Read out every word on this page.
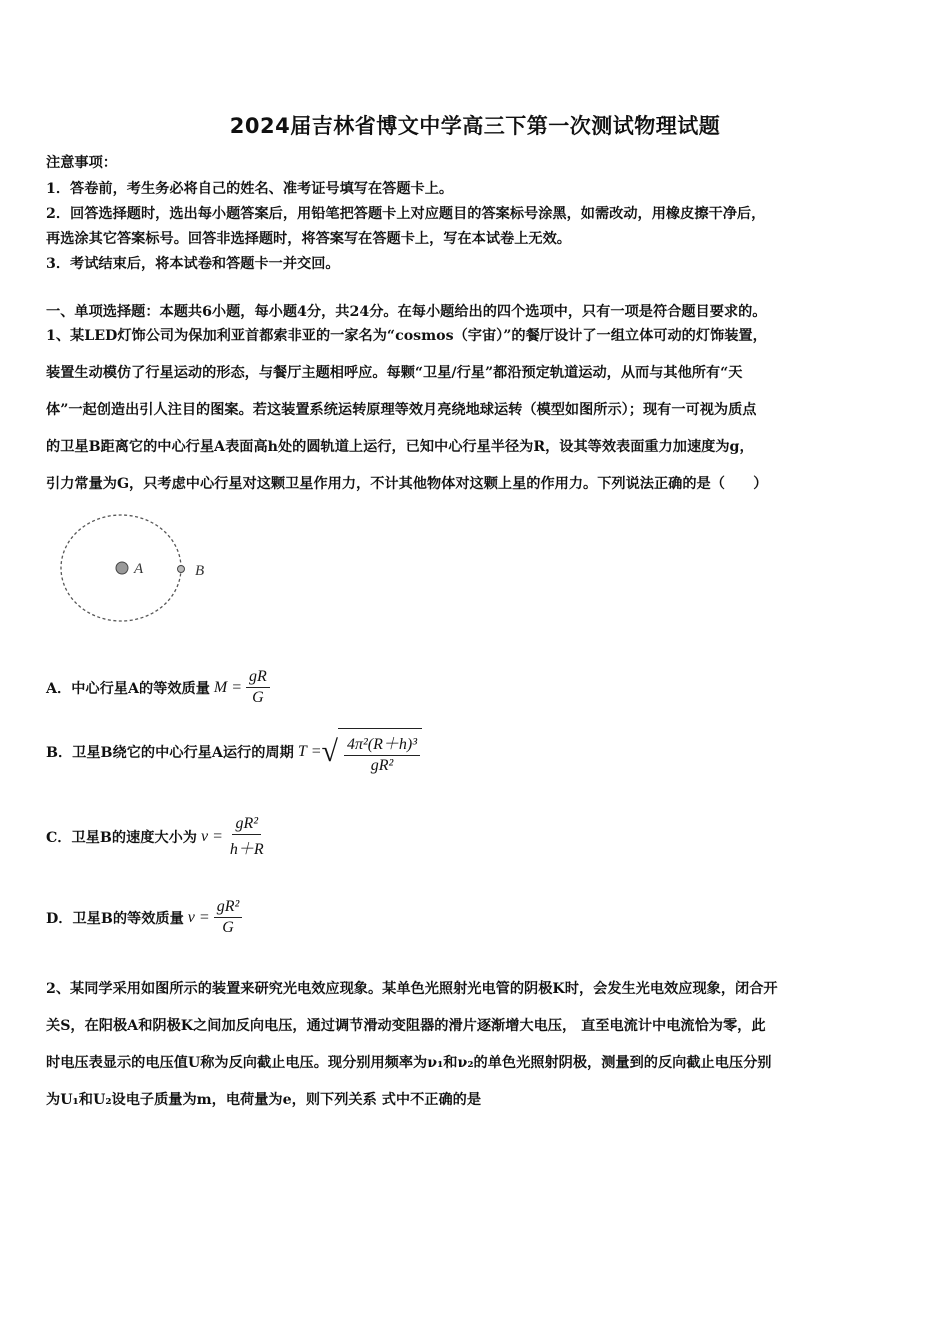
2024届吉林省博文中学高三下第一次测试物理试题
注意事项：
1．答卷前，考生务必将自己的姓名、准考证号填写在答题卡上。
2．回答选择题时，选出每小题答案后，用铅笔把答题卡上对应题目的答案标号涂黑，如需改动，用橡皮擦干净后，
再选涂其它答案标号。回答非选择题时，将答案写在答题卡上，写在本试卷上无效。
3．考试结束后，将本试卷和答题卡一并交回。
一、单项选择题：本题共6小题，每小题4分，共24分。在每小题给出的四个选项中，只有一项是符合题目要求的。
1、某LED灯饰公司为保加利亚首都索非亚的一家名为“cosmos（宇宙）”的餐厅设计了一组立体可动的灯饰装置，
装置生动模仿了行星运动的形态，与餐厅主题相呼应。每颗“卫星/行星”都沿预定轨道运动，从而与其他所有“天
体”一起创造出引人注目的图案。若这装置系统运转原理等效月亮绕地球运转（模型如图所示）；现有一可视为质点
的卫星B距离它的中心行星A表面高h处的圆轨道上运行，已知中心行星半径为R，设其等效表面重力加速度为g，
引力常量为G，只考虑中心行星对这颗卫星作用力，不计其他物体对这颗上星的作用力。下列说法正确的是（　　）
A	B
A．中心行星A的等效质量 M
= $\frac{gR}{G}$
B．卫星B绕它的中心行星A运行的周期 T
= √ $\frac{\text{4π²(R＋h)³}}{\text{gR²}}$
C．卫星B的速度大小为 v
= $\frac{\text{gR²}}{h+R}$
D．卫星B的等效质量 v
= $\frac{\text{gR²}}{G}$
2、某同学采用如图所示的装置来研究光电效应现象。某单色光照射光电管的阴极K时，会发生光电效应现象，闭合开
关S，在阳极A和阴极K之间加反向电压，通过调节滑动变阻器的滑片逐渐增大电压， 直至电流计中电流恰为零，此
时电压表显示的电压值U称为反向截止电压。现分别用频率为ν₁和ν₂的单色光照射阴极，测量到的反向截止电压分别
为U₁和U₂设电子质量为m，电荷量为e，则下列关系 式中不正确的是
